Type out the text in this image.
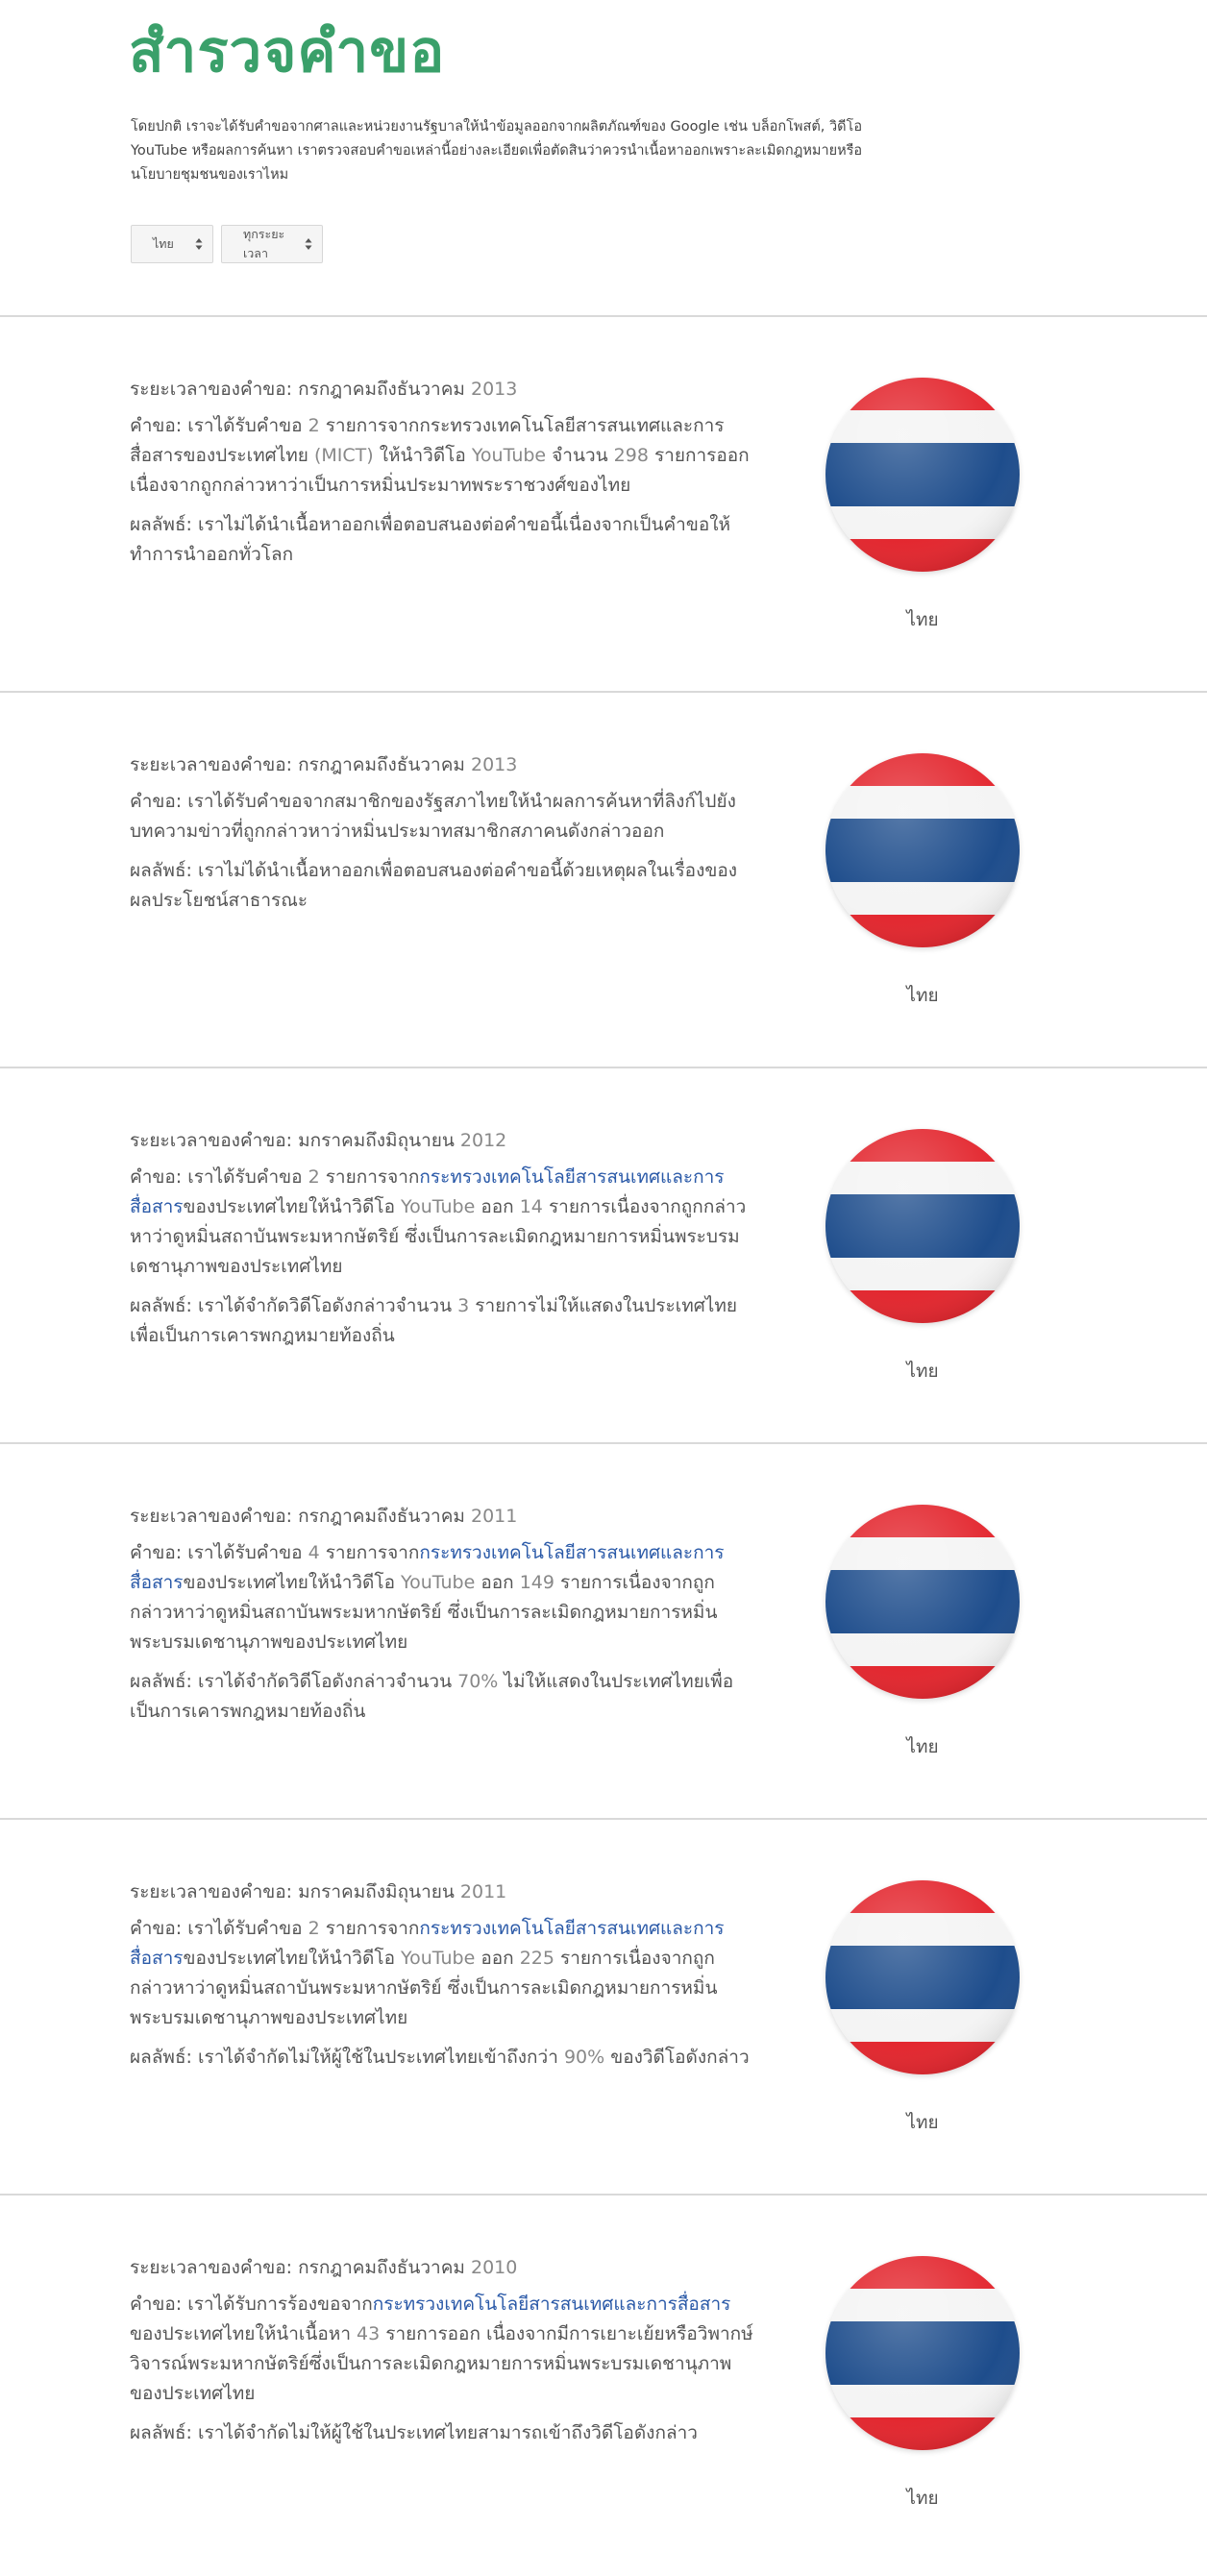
สำรวจคำขอ

โดยปกติ เราจะได้รับคำขอจากศาลและหน่วยงานรัฐบาลให้นำข้อมูลออกจากผลิตภัณฑ์ของ Google เช่น บล็อกโพสต์, วิดีโอ YouTube หรือผลการค้นหา เราตรวจสอบคำขอเหล่านี้อย่างละเอียดเพื่อตัดสินว่าควรนำเนื้อหาออกเพราะละเมิดกฎหมายหรือนโยบายชุมชนของเราไหม

ไทย
ทุกระยะเวลา

ระยะเวลาของคำขอ: กรกฎาคมถึงธันวาคม 2013

คำขอ: เราได้รับคำขอ 2 รายการจากกระทรวงเทคโนโลยีสารสนเทศและการสื่อสารของประเทศไทย (MICT) ให้นำวิดีโอ YouTube จำนวน 298 รายการออกเนื่องจากถูกกล่าวหาว่าเป็นการหมิ่นประมาทพระราชวงศ์ของไทย

ผลลัพธ์: เราไม่ได้นำเนื้อหาออกเพื่อตอบสนองต่อคำขอนี้เนื่องจากเป็นคำขอให้ทำการนำออกทั่วโลก

ไทย

ระยะเวลาของคำขอ: กรกฎาคมถึงธันวาคม 2013

คำขอ: เราได้รับคำขอจากสมาชิกของรัฐสภาไทยให้นำผลการค้นหาที่ลิงก์ไปยังบทความข่าวที่ถูกกล่าวหาว่าหมิ่นประมาทสมาชิกสภาคนดังกล่าวออก

ผลลัพธ์: เราไม่ได้นำเนื้อหาออกเพื่อตอบสนองต่อคำขอนี้ด้วยเหตุผลในเรื่องของผลประโยชน์สาธารณะ

ไทย

ระยะเวลาของคำขอ: มกราคมถึงมิถุนายน 2012

คำขอ: เราได้รับคำขอ 2 รายการจากกระทรวงเทคโนโลยีสารสนเทศและการสื่อสารของประเทศไทยให้นำวิดีโอ YouTube ออก 14 รายการเนื่องจากถูกกล่าวหาว่าดูหมิ่นสถาบันพระมหากษัตริย์ ซึ่งเป็นการละเมิดกฎหมายการหมิ่นพระบรมเดชานุภาพของประเทศไทย

ผลลัพธ์: เราได้จำกัดวิดีโอดังกล่าวจำนวน 3 รายการไม่ให้แสดงในประเทศไทยเพื่อเป็นการเคารพกฎหมายท้องถิ่น

ไทย

ระยะเวลาของคำขอ: กรกฎาคมถึงธันวาคม 2011

คำขอ: เราได้รับคำขอ 4 รายการจากกระทรวงเทคโนโลยีสารสนเทศและการสื่อสารของประเทศไทยให้นำวิดีโอ YouTube ออก 149 รายการเนื่องจากถูกกล่าวหาว่าดูหมิ่นสถาบันพระมหากษัตริย์ ซึ่งเป็นการละเมิดกฎหมายการหมิ่นพระบรมเดชานุภาพของประเทศไทย

ผลลัพธ์: เราได้จำกัดวิดีโอดังกล่าวจำนวน 70% ไม่ให้แสดงในประเทศไทยเพื่อเป็นการเคารพกฎหมายท้องถิ่น

ไทย

ระยะเวลาของคำขอ: มกราคมถึงมิถุนายน 2011

คำขอ: เราได้รับคำขอ 2 รายการจากกระทรวงเทคโนโลยีสารสนเทศและการสื่อสารของประเทศไทยให้นำวิดีโอ YouTube ออก 225 รายการเนื่องจากถูกกล่าวหาว่าดูหมิ่นสถาบันพระมหากษัตริย์ ซึ่งเป็นการละเมิดกฎหมายการหมิ่นพระบรมเดชานุภาพของประเทศไทย

ผลลัพธ์: เราได้จำกัดไม่ให้ผู้ใช้ในประเทศไทยเข้าถึงกว่า 90% ของวิดีโอดังกล่าว

ไทย

ระยะเวลาของคำขอ: กรกฎาคมถึงธันวาคม 2010

คำขอ: เราได้รับการร้องขอจากกระทรวงเทคโนโลยีสารสนเทศและการสื่อสารของประเทศไทยให้นำเนื้อหา 43 รายการออก เนื่องจากมีการเยาะเย้ยหรือวิพากษ์วิจารณ์พระมหากษัตริย์ซึ่งเป็นการละเมิดกฎหมายการหมิ่นพระบรมเดชานุภาพของประเทศไทย

ผลลัพธ์: เราได้จำกัดไม่ให้ผู้ใช้ในประเทศไทยสามารถเข้าถึงวิดีโอดังกล่าว

ไทย
